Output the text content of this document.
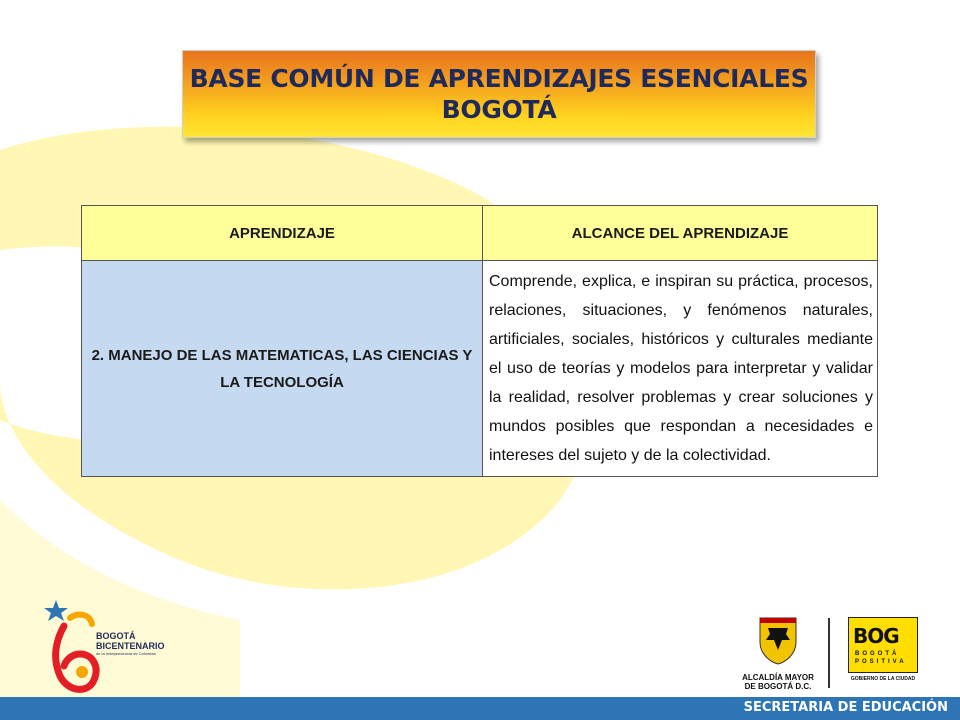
BASE COMÚN DE APRENDIZAJES ESENCIALES
BOGOTÁ
APRENDIZAJE	ALCANCE DEL APRENDIZAJE
2. MANEJO DE LAS MATEMATICAS, LAS CIENCIAS Y LA TECNOLOGÍA	Comprende, explica, e inspiran su práctica, procesos, relaciones, situaciones, y fenómenos naturales, artificiales, sociales, históricos y culturales mediante el uso de teorías y modelos para interpretar y validar la realidad, resolver problemas y crear soluciones y mundos posibles que respondan a necesidades e intereses del sujeto y de la colectividad.
BOGOTÁ
BICENTENARIO
de la Independencia de Colombia
ALCALDÍA MAYOR
DE BOGOTÁ D.C.
BOG
BOGOTÁ
POSITIVA
GOBIERNO DE LA CIUDAD
SECRETARIA DE EDUCACIÓN
